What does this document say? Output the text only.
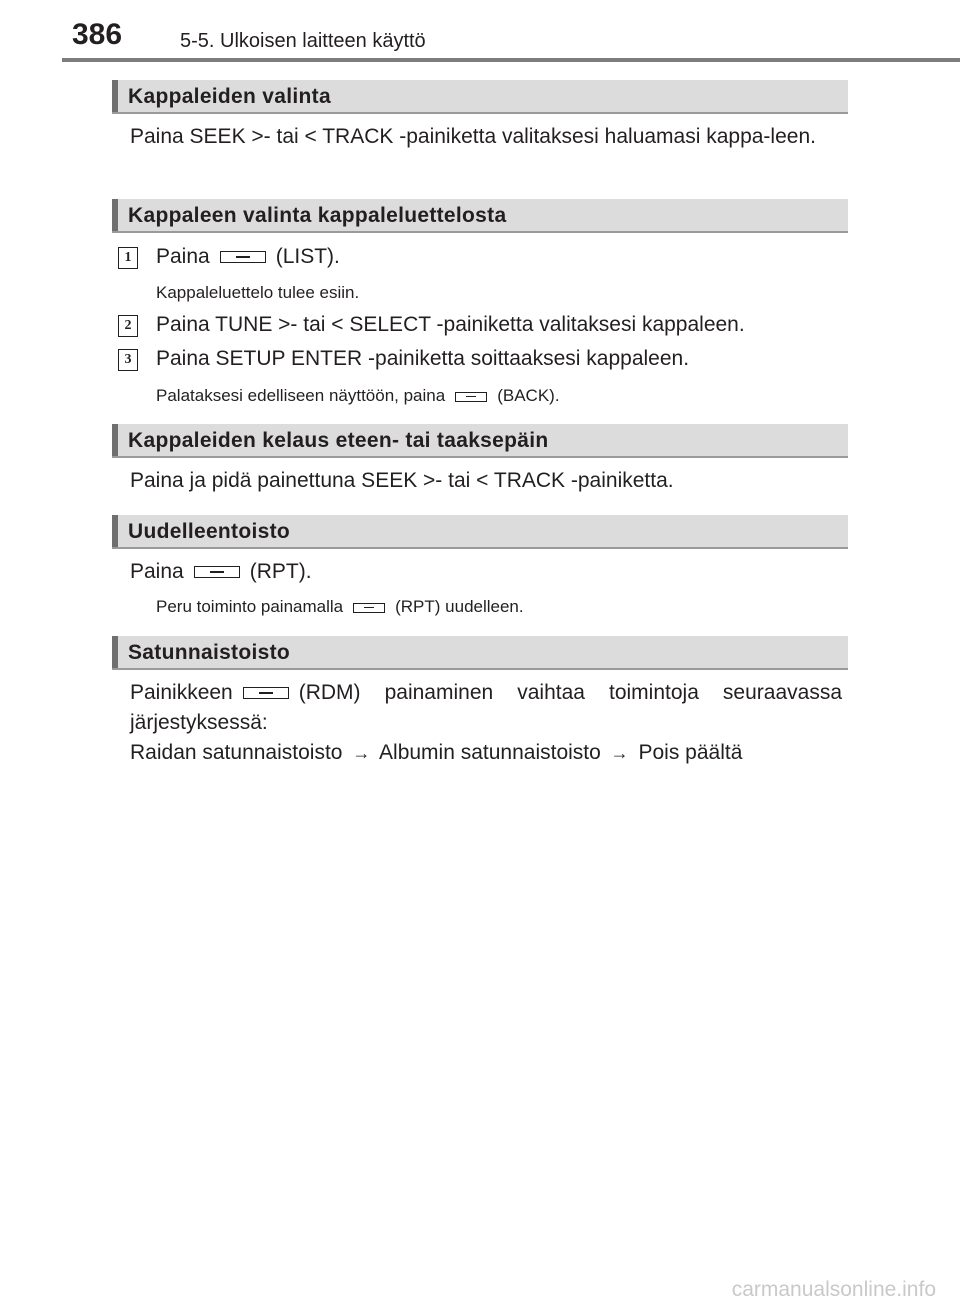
386	5-5. Ulkoisen laitteen käyttö
Kappaleiden valinta
Paina SEEK >- tai < TRACK -painiketta valitaksesi haluamasi kappa-leen.
Kappaleen valinta kappaleluettelosta
1	Paina	(LIST).
Kappaleluettelo tulee esiin.
2	Paina TUNE >- tai < SELECT -painiketta valitaksesi kappaleen.
3	Paina SETUP ENTER -painiketta soittaaksesi kappaleen.
Palataksesi edelliseen näyttöön, paina	(BACK).
Kappaleiden kelaus eteen- tai taaksepäin
Paina ja pidä painettuna SEEK >- tai < TRACK -painiketta.
Uudelleentoisto
Paina	(RPT).
Peru toiminto painamalla	(RPT) uudelleen.
Satunnaistoisto
Painikkeen	(RDM) painaminen vaihtaa toimintoja seuraavassa järjestyksessä:
Raidan satunnaistoisto → Albumin satunnaistoisto → Pois päältä
carmanualsonline.info
